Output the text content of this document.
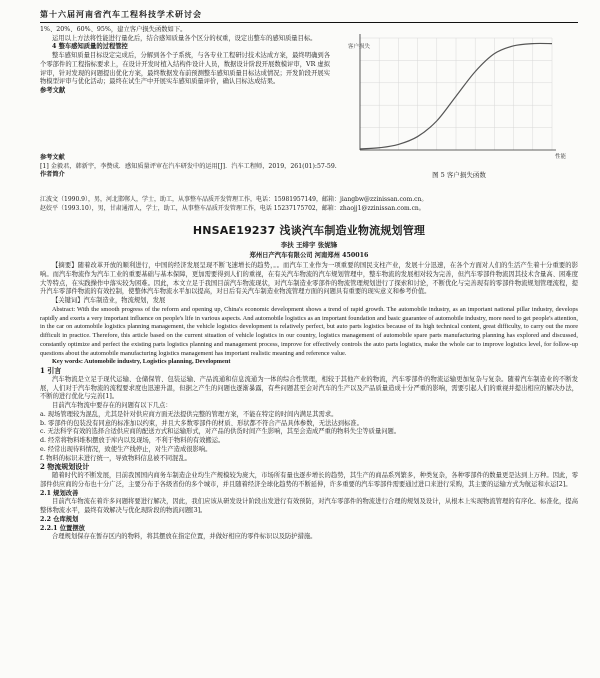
第十六届河南省汽车工程科技学术研讨会

1%、20%、60%、95%，建立客户损失函数如下。

运用以上方法将性能进行量化后，结合感知质量各个区分的权重，设定出整车的感知质量目标。

4 整车感知质量的过程管控

整车感知质量目标设定完成后，分解到各个子系统，与各专业工程研讨技术达成方案，最终明确到各个零部件的工程指标要求上，在设计开发时植入结构件设计人员，数据设计阶段开展数模评审，VR 虚拟评审，针对发现的问题提出优化方案，最终数据发布前预测整车感知质量目标达成情况；开发阶段开展实物模型评审与优化活动；最终在试生产中开展实车感知质量评价，确认目标达成结果。

参考文献

客户损失
性能
图 5 客户损失函数

参考文献

[1] 金毅君，韩新宇，李赞成．感知质量评审在汽车研发中的运用[J]．汽车工程师，2019，261(01):57-59.

作者简介

江波文（1990.9），男，河北邯郸人，学士，助工，从事整车品质开发管理工作，电话：15981957149，邮箱：jiangbw@zzinissan.com.cn。

赵姣平（1993.10），男，甘肃通渭人，学士，助工，从事整车品质开发管理工作，电话 15237175702，邮箱：zhaojj1@zzinissan.com.cn。

HNSAE19237 浅谈汽车制造业物流规划管理
李扶 王绯宇 张妮锋
郑州日产汽车有限公司 河南郑州 450016

【摘要】随着改革开放的顺利进行，中国的经济发展呈现不断飞速增长的趋势，。。而汽车工业作为一项重要的国民支柱产业，发展十分迅速，在各个方面对人们的生活产生着十分重要的影响。而汽车物流作为汽车工业的重要基础与基本保障，更加需要得到人们的重视，在有关汽车物流的汽车规划管理中，整车物流的发展相对较为完善，但汽车零部件物流因其技术含量高、困难度大等特点，在实践操作中落实较为困难。因此，本文立足于我国目前汽车物流现状，对汽车制造业零部件的物流管理规划进行了探索和讨论，不断优化与完善现有的零部件物流规划管理流程，提升汽车零部件物流的有效控制，使整体汽车物流水平加以提高，对日后有关汽车制造业物流管理方面的问题具有重要的现实意义和参考价值。

【关键词】汽车制造业，物流规划，发展

Abstract: With the smooth progress of the reform and opening up, China's economic development shows a trend of rapid growth. The automobile industry, as an important national pillar industry, develops rapidly and exerts a very important influence on people's life in various aspects. And automobile logistics as an important foundation and basic guarantee of automobile industry, more need to get people's attention, in the car on automobile logistics planning management, the vehicle logistics development is relatively perfect, but auto parts logistics because of its high technical content, great difficulty, to carry out the more difficult in practice. Therefore, this article based on the current situation of vehicle logistics in our country, logistics management of automobile spare parts manufacturing planning has explored and discussed, constantly optimize and perfect the existing parts logistics planning and management process, improve for effectively controls the auto parts logistics, make the whole car to improve logistics level, for follow-up questions about the automobile manufacturing logistics management has important realistic meaning and reference value.

Key words: Automobile industry, Logistics planning, Development

1 引言

汽车物流是立足于现代运输、仓储保管、包装运输、产品流通和信息流通为一体的综合性管理，相较于其他产业的物流，汽车零部件的物流运输更加复杂与复杂。随着汽车制造业的不断发展，人们对于汽车物流的流程要求度也迅速升温，但据之产生的问题也逐渐暴露，有些问题甚至会对汽车的生产以及产品质量造成十分严重的影响，需要引起人们的重视并提出相应的解决办法，不断的进行优化与完善[1]。

目前汽车物流中要存在的问题有以下几点：

a. 现场管理较为混乱，尤其是针对供应商方面无法提供完整的管理方案，不能在特定的时间内满足其需求。

b. 零部件的包装没有同意的标准加以约束，并且大多数零部件的材质、形状都不符合产品具体参数，无法达到标准。

c. 无法科学有效的选择合适供应商的配送方式和运输形式，对产品的供货时间产生影响，其至会造成严重的物料失尘等质量问题。

d. 经常将物料堆积摆放于库内以及现场，不利于物料的有效搬运。

e. 经常出现待料情况，致使生产线停止，对生产造成很影响。

f. 物料的标识未进行统一，导致物料信息被不同混乱。

2 物流规划设计

随着时代的不断发展，目前我国国内商务车制造企业均生产规模较为庞大，市场所有量也逐步增长的趋势，其生产的商品系列繁多，种类复杂，各种零部件的数量更是达到上万种。因此，零部件供应商的分布也十分广泛，主要分布于各级省份的多个城市，并且随着经济全球化趋势的不断延伸，许多重要的汽车零部件需要通过进口来进行采购，其主要的运输方式为航运和水运[2]。

2.1 规划改善

目前汽车物流在着许多问题将要进行解决，因此，我们应该从研发设计阶段出发进行有效预防，对汽车零部件的物流进行合理的规划及设计，从根本上实现物流管理的有序化、标准化，提高整体物流水平，最终有效解决与优化现阶段的物流问题[3]。

2.2 仓库规划

2.2.1 位置摆放

合理规划保存在暂存区内的物料，将其摆放在指定位置，并做好相应的零件标识以及防护措施。
